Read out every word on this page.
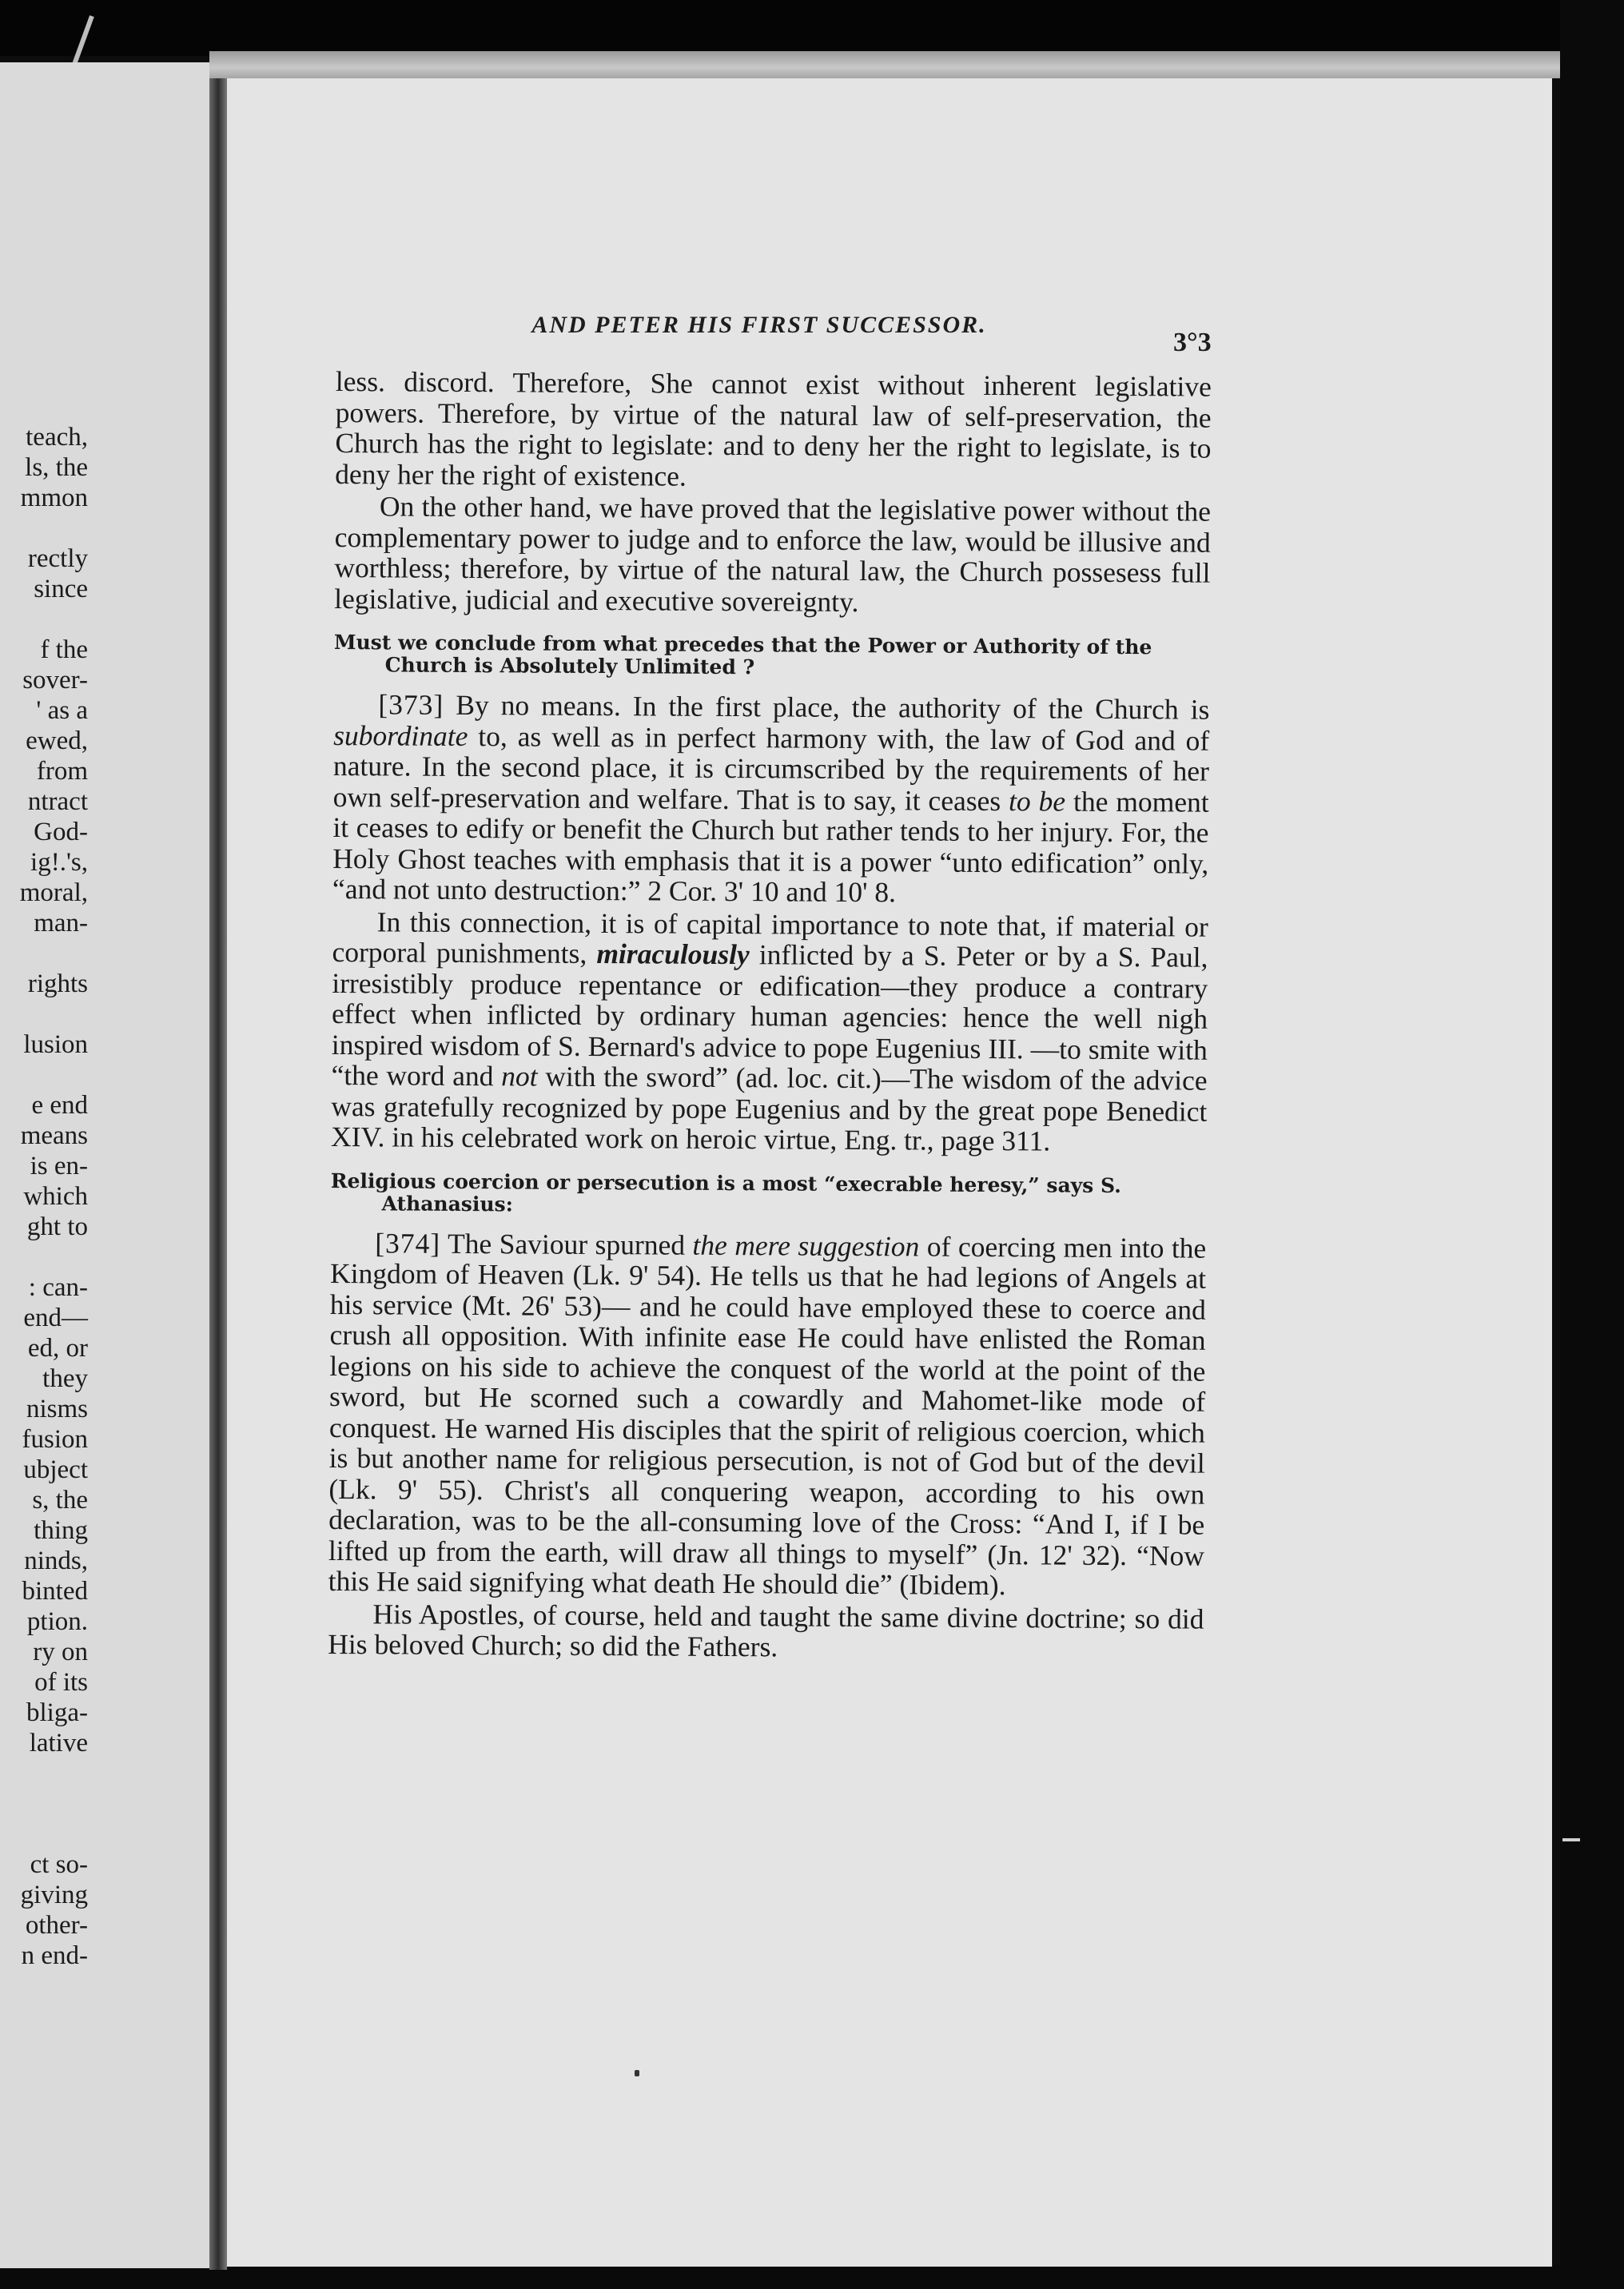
teach,
ls, the
mmon
rectly
since
f the
sover-
' as a
ewed,
from
ntract
God-
ig!.'s,
moral,
man-
rights
lusion
e end
means
is en-
which
ght to
: can-
end—
ed, or
they
nisms
fusion
ubject
s, the
thing
ninds,
binted
ption.
ry on
of its
bliga-
lative
ct so-
giving
other-
n end-
AND PETER HIS FIRST SUCCESSOR.
3°3

less. discord. Therefore, She cannot exist without inherent legislative powers. Therefore, by virtue of the natural law of self-preservation, the Church has the right to legislate: and to deny her the right to legislate, is to deny her the right of existence.

On the other hand, we have proved that the legislative power without the complementary power to judge and to enforce the law, would be illusive and worthless; therefore, by virtue of the natural law, the Church possesess full legislative, judicial and executive sovereignty.

Must we conclude from what precedes that the Power or Authority of the
Church is Absolutely Unlimited ?

[373] By no means. In the first place, the authority of the Church is subordinate to, as well as in perfect harmony with, the law of God and of nature. In the second place, it is circumscribed by the requirements of her own self-preservation and welfare. That is to say, it ceases to be the moment it ceases to edify or benefit the Church but rather tends to her injury. For, the Holy Ghost teaches with emphasis that it is a power “unto edification” only, “and not unto destruction:” 2 Cor. 3' 10 and 10' 8.

In this connection, it is of capital importance to note that, if material or corporal punishments, miraculously inflicted by a S. Peter or by a S. Paul, irresistibly produce repentance or edification—they produce a contrary effect when inflicted by ordinary human agencies: hence the well nigh inspired wisdom of S. Bernard's advice to pope Eugenius III. —to smite with “the word and not with the sword” (ad. loc. cit.)—The wisdom of the advice was gratefully recognized by pope Eugenius and by the great pope Benedict XIV. in his celebrated work on heroic virtue, Eng. tr., page 311.

Religious coercion or persecution is a most “execrable heresy,” says S.
Athanasius:

[374] The Saviour spurned the mere suggestion of coercing men into the Kingdom of Heaven (Lk. 9' 54). He tells us that he had legions of Angels at his service (Mt. 26' 53)— and he could have employed these to coerce and crush all opposition. With infinite ease He could have enlisted the Roman legions on his side to achieve the conquest of the world at the point of the sword, but He scorned such a cowardly and Mahomet-like mode of conquest. He warned His disciples that the spirit of religious coercion, which is but another name for religious persecution, is not of God but of the devil (Lk. 9' 55). Christ's all conquering weapon, according to his own declaration, was to be the all-consuming love of the Cross: “And I, if I be lifted up from the earth, will draw all things to myself” (Jn. 12' 32). “Now this He said signifying what death He should die” (Ibidem).

His Apostles, of course, held and taught the same divine doctrine; so did His beloved Church; so did the Fathers.
